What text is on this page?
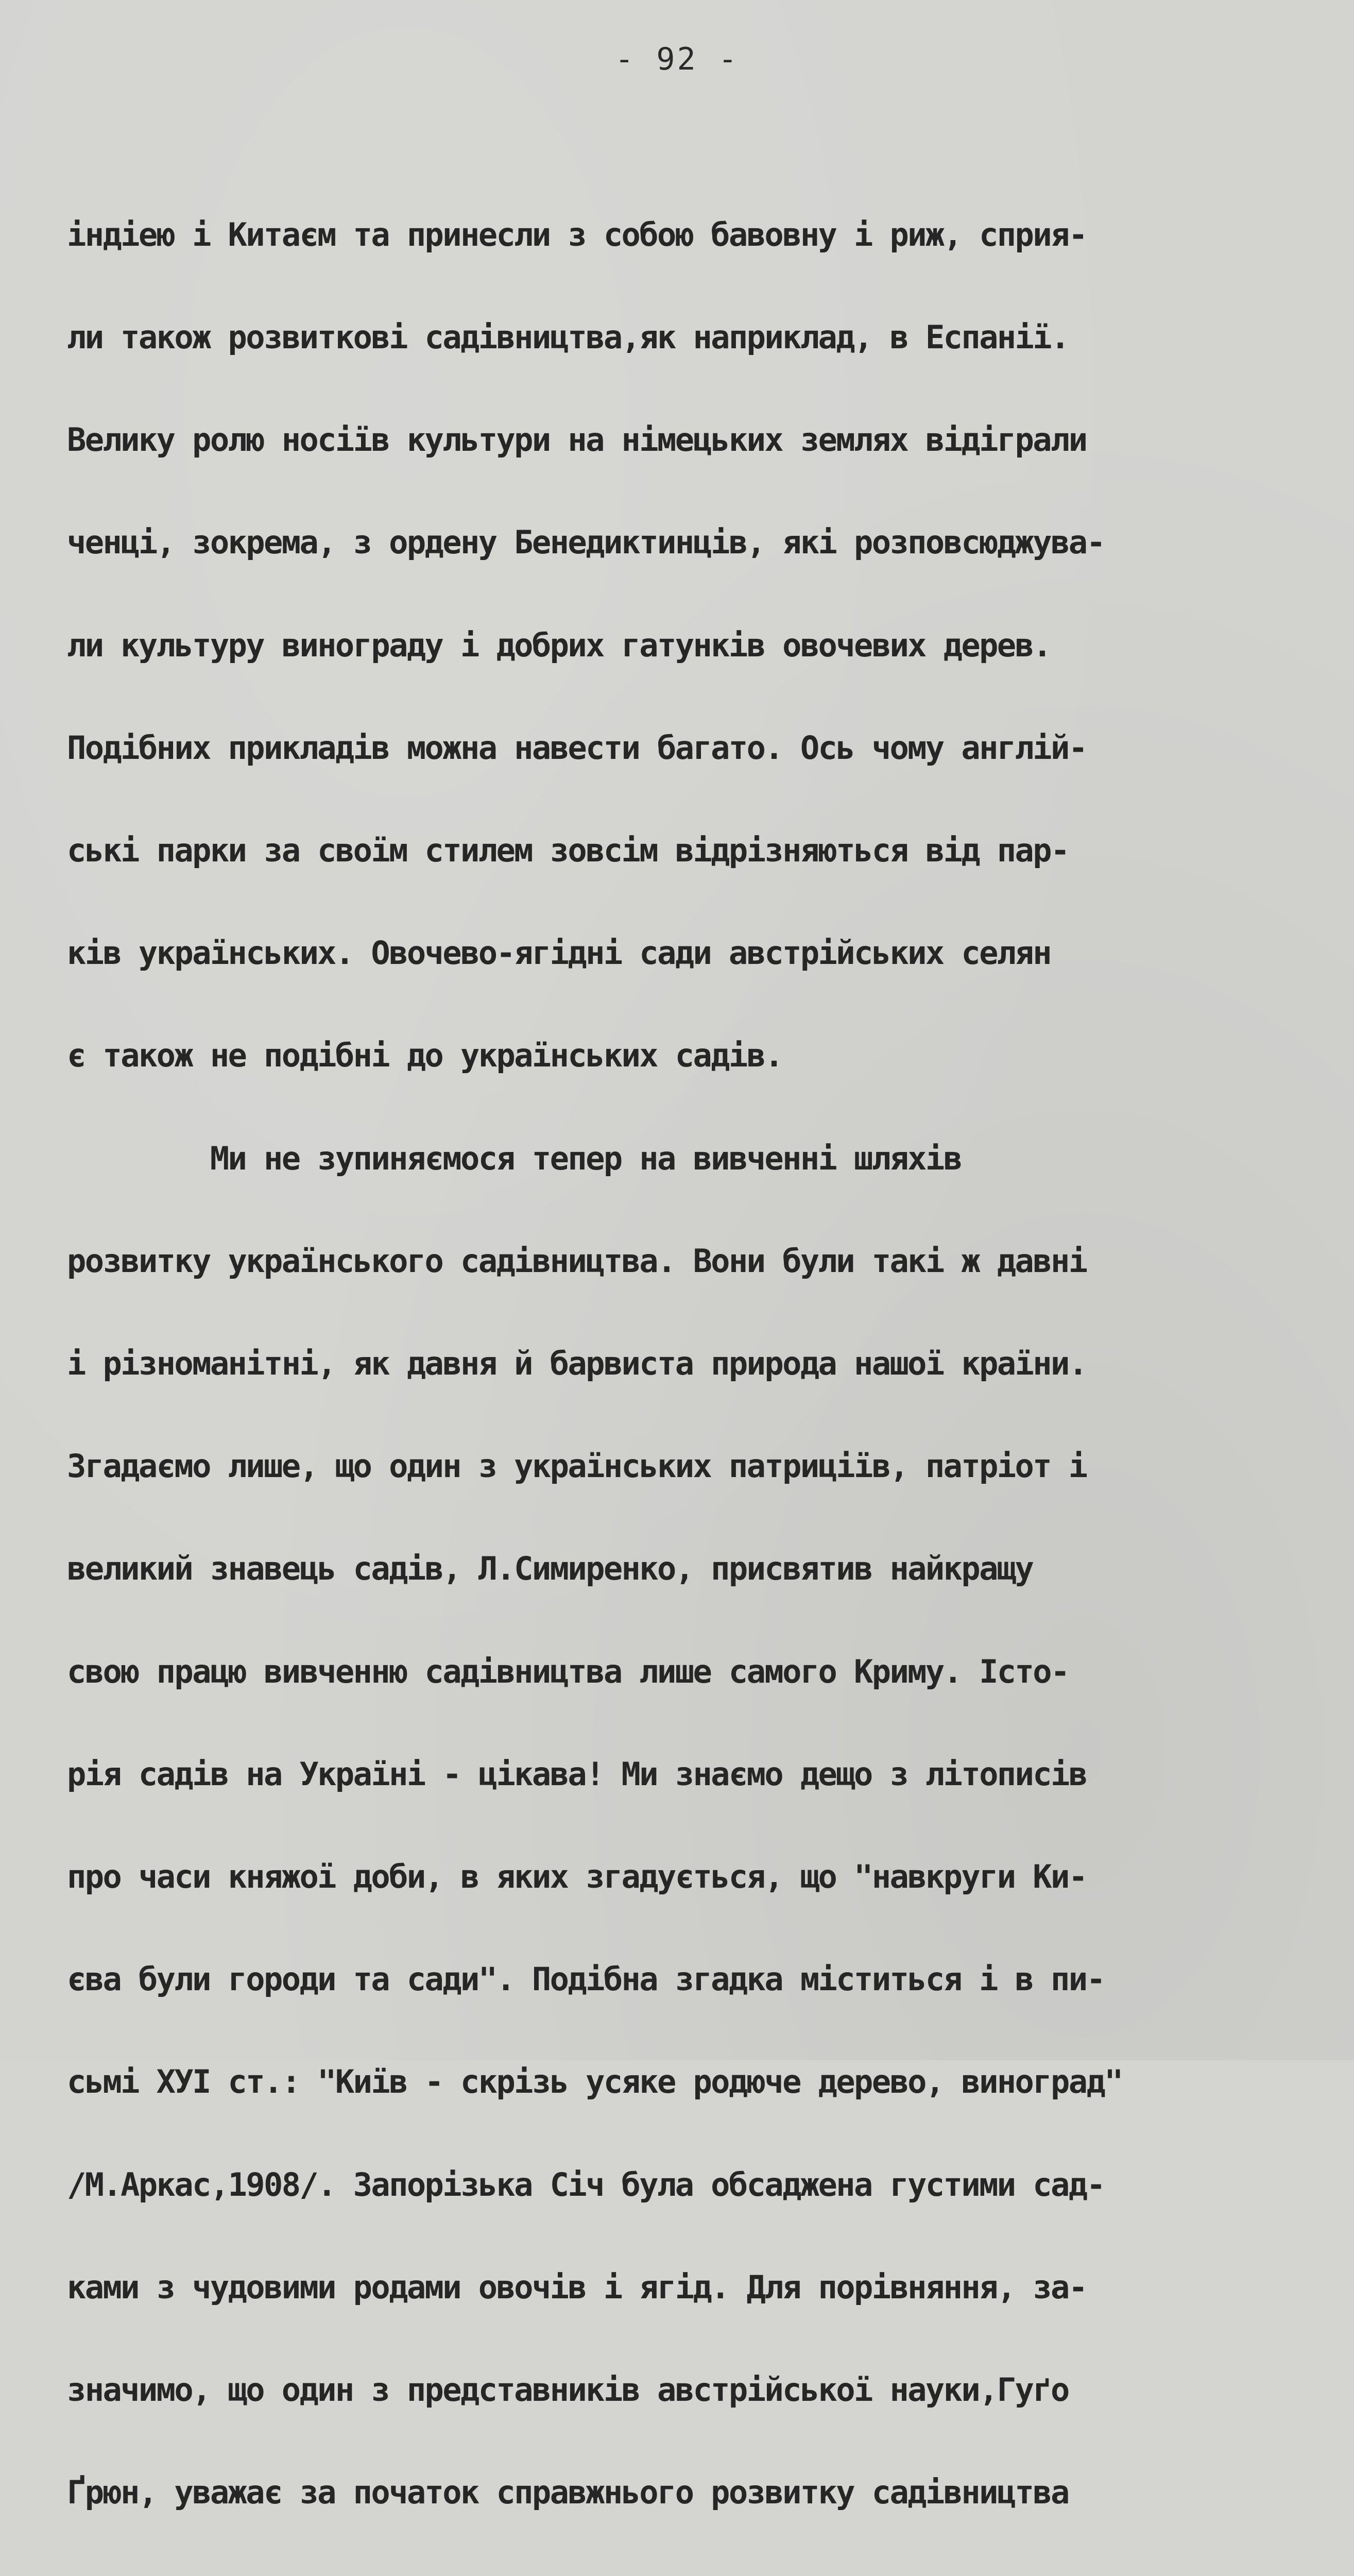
- 92 -

індіею і Китаєм та принесли з собою бавовну і риж, сприя-

ли також розвиткові садівництва,як наприклад, в Еспанії.

Велику ролю носіїв культури на німецьких землях відіграли

ченці, зокрема, з ордену Бенедиктинців, які розповсюджува-

ли культуру винограду і добрих гатунків овочевих дерев.

Подібних прикладів можна навести багато. Ось чому англій-

ські парки за своїм стилем зовсім відрізняються від пар-

ків українських. Овочево-ягідні сади австрійських селян

є також не подібні до українських садів.

Ми не зупиняємося тепер на вивченні шляхів

розвитку українського садівництва. Вони були такі ж давні

і різноманітні, як давня й барвиста природа нашої країни.

Згадаємо лише, що один з українських патриціїв, патріот і

великий знавець садів, Л.Симиренко, присвятив найкращу

свою працю вивченню садівництва лише самого Криму. Істо-

рія садів на Україні - цікава! Ми знаємо дещо з літописів

про часи княжої доби, в яких згадується, що "навкруги Ки-

єва були городи та сади". Подібна згадка міститься і в пи-

сьмі ХУІ ст.: "Київ - скрізь усяке родюче дерево, виноград"

/М.Аркас,1908/. Запорізька Січ була обсаджена густими сад-

ками з чудовими родами овочів і ягід. Для порівняння, за-

значимо, що один з представників австрійської науки,Гуґо

Ґрюн, уважає за початок справжнього розвитку садівництва
